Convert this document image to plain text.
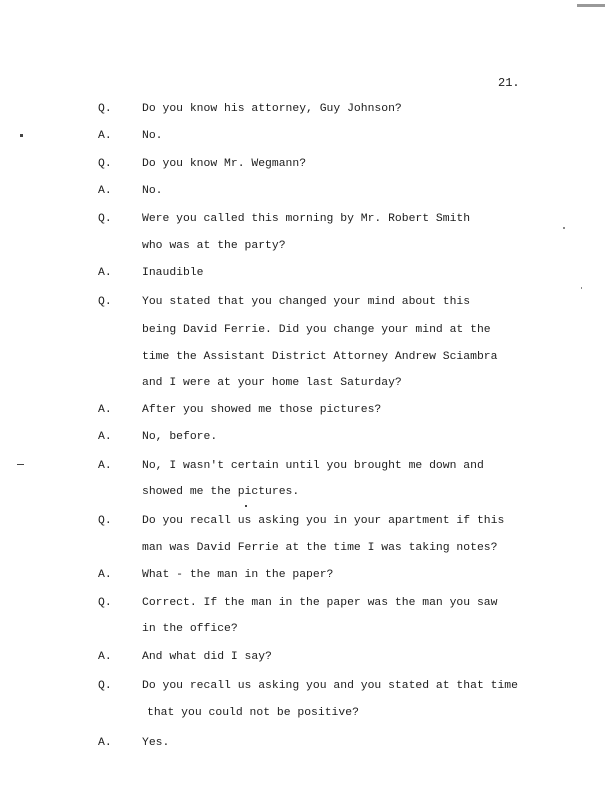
21.
Q.	Do you know his attorney, Guy Johnson?
A.	No.
Q.	Do you know Mr. Wegmann?
A.	No.
Q.	Were you called this morning by Mr. Robert Smith
who was at the party?
A.	Inaudible
Q.	You stated that you changed your mind about this
being David Ferrie. Did you change your mind at the
time the Assistant District Attorney Andrew Sciambra
and I were at your home last Saturday?
A.	After you showed me those pictures?
A.	No, before.
A.	No, I wasn't certain until you brought me down and
showed me the pictures.
Q.	Do you recall us asking you in your apartment if this
man was David Ferrie at the time I was taking notes?
A.	What - the man in the paper?
Q.	Correct. If the man in the paper was the man you saw
in the office?
A.	And what did I say?
Q.	Do you recall us asking you and you stated at that time
that you could not be positive?
A.	Yes.
